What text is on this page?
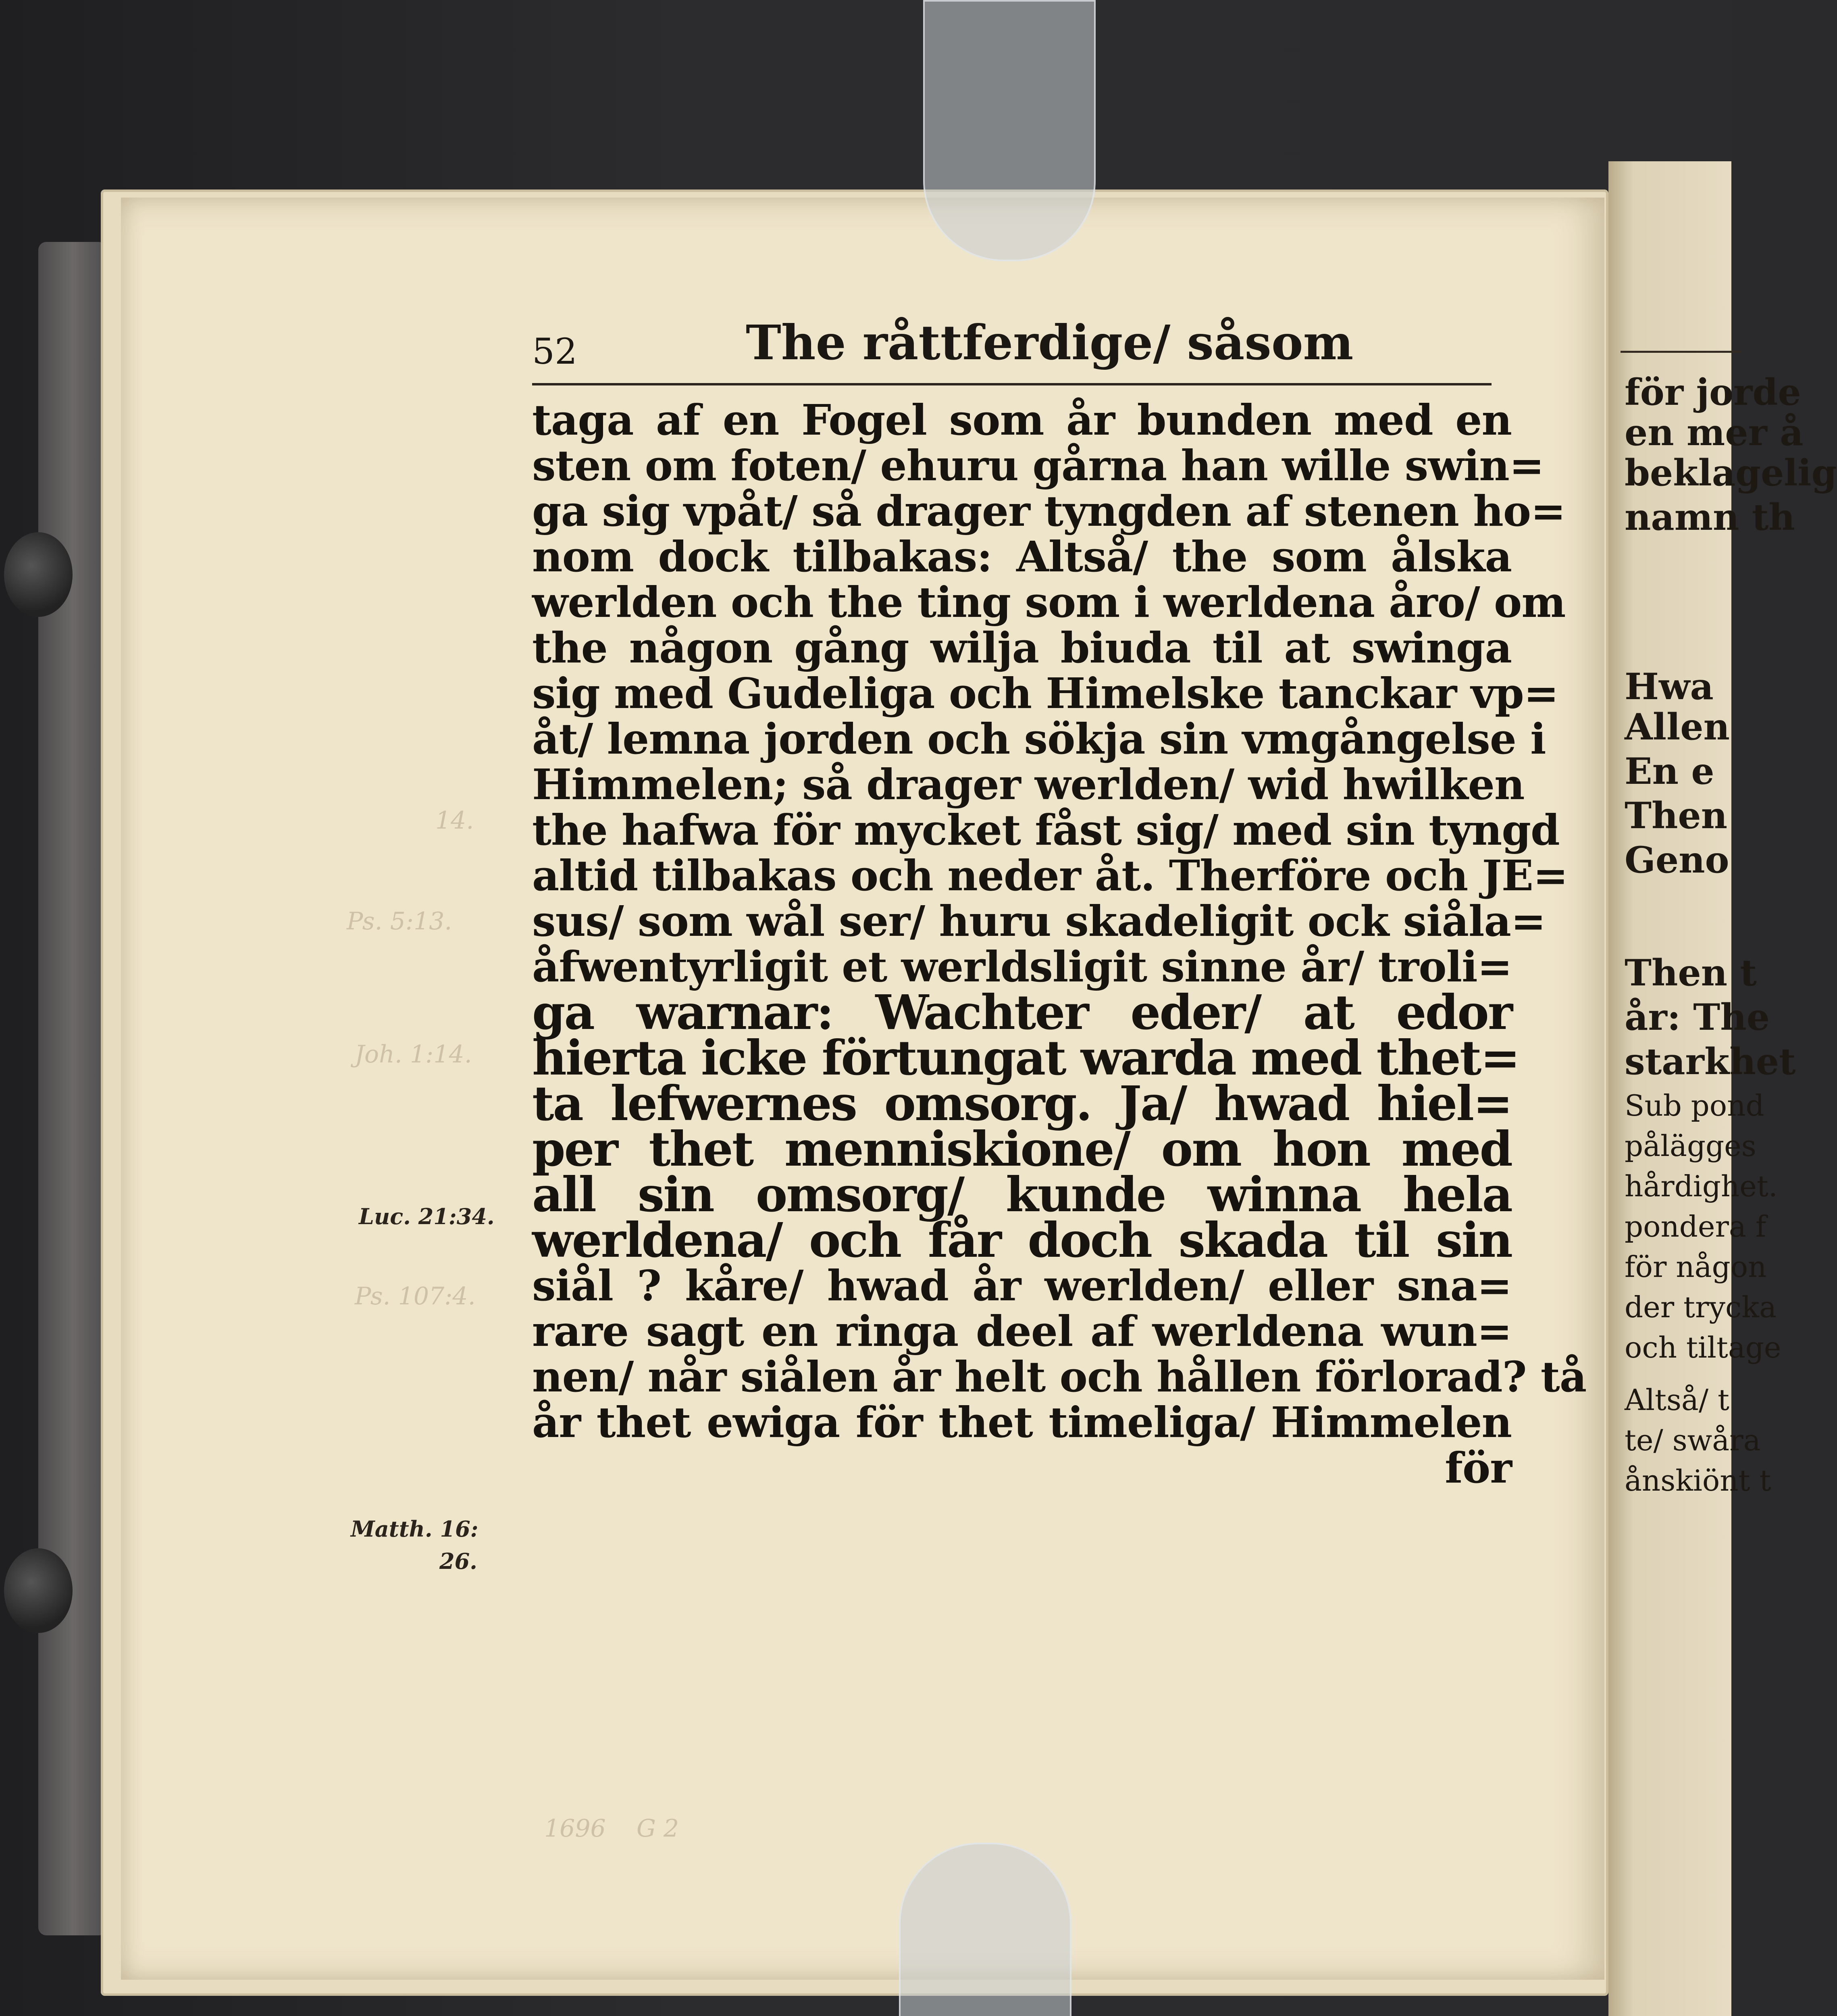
14.
Ps. 5:13.
Joh. 1:14.
Ps. 107:4.
1696    G 2
52	The råttferdige/ såsom
taga af en Fogel som år bunden med en
sten om foten/ ehuru gårna han wille swin=
ga sig vpåt/ så drager tyngden af stenen ho=
nom dock tilbakas: Altså/ the som ålska
werlden och the ting som i werldena åro/ om
the någon gång wilja biuda til at swinga
sig med Gudeliga och Himelske tanckar vp=
åt/ lemna jorden och sökja sin vmgångelse i
Himmelen; så drager werlden/ wid hwilken
the hafwa för mycket fåst sig/ med sin tyngd
altid tilbakas och neder åt. Therföre och JE=
sus/ som wål ser/ huru skadeligit ock siåla=
åfwentyrligit et werldsligit sinne år/ troli=
ga warnar: Wachter eder/ at edor
hierta icke förtungat warda med thet=
ta lefwernes omsorg. Ja/ hwad hiel=
per thet menniskione/ om hon med
all sin omsorg/ kunde winna hela
werldena/ och får doch skada til sin
siål ? kåre/ hwad år werlden/ eller sna=
rare sagt en ringa deel af werldena wun=
nen/ når siålen år helt och hållen förlorad? tå
år thet ewiga för thet timeliga/ Himmelen
för
Luc. 21:34.
Matth. 16:
26.
för jorde
en mer å
beklagelig
namn th
Hwa
Allen
En e
Then
Geno
Then t
år: The
starkhet
Sub pond
pålägges
hårdighet.
pondera f
för någon
der trycka
och tiltage
Altså/ t
te/ swåra
ånskiönt t
